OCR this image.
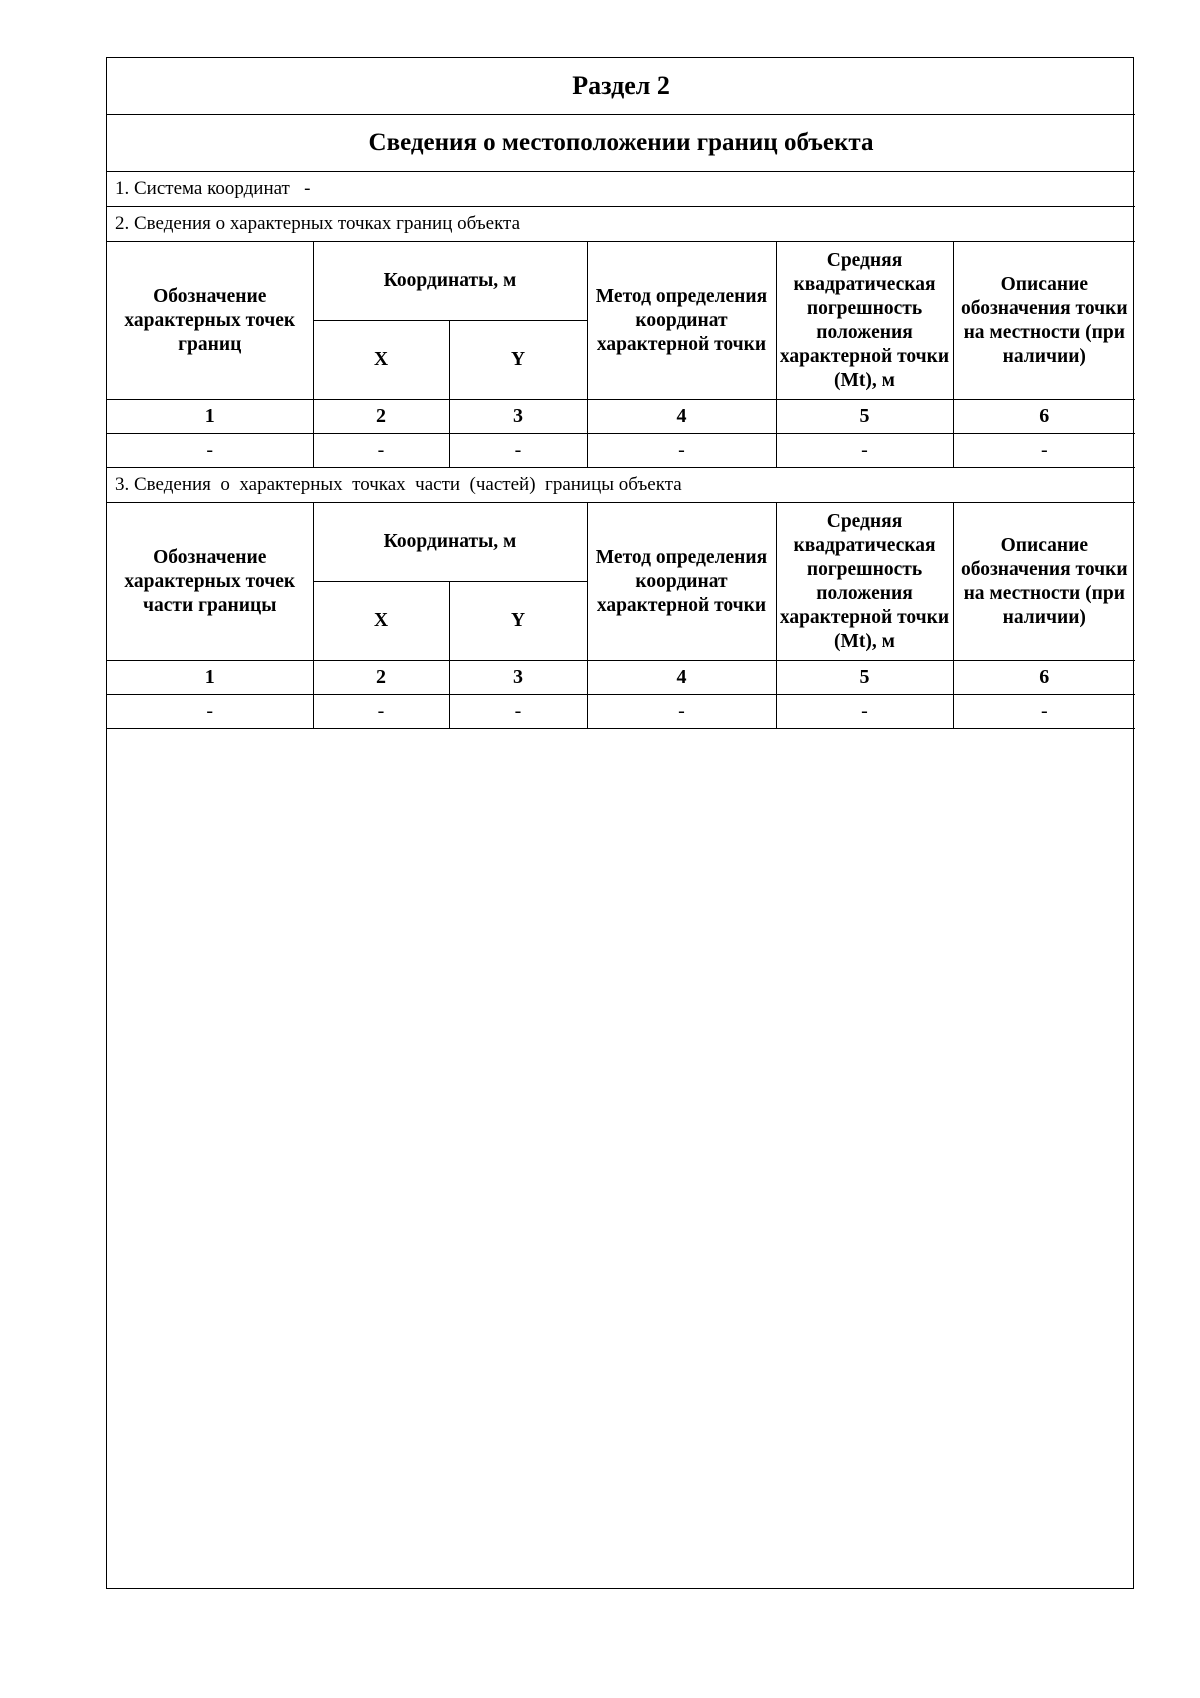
Раздел 2					
Сведения о местоположении границ объекта					
1. Система координат -					
2. Сведения о характерных точках границ объекта					
Обозначение характерных точек границ	Координаты, м		Метод определения координат характерной точки	Средняя квадратическая погрешность положения характерной точки (Mt), м	Описание обозначения точки на местности (при наличии)
	X	Y			
1	2	3	4	5	6
-	-	-	-	-	-
3. Сведения  о  характерных  точках  части  (частей)  границы объекта					
Обозначение характерных точек части границы	Координаты, м		Метод определения координат характерной точки	Средняя квадратическая погрешность положения характерной точки (Mt), м	Описание обозначения точки на местности (при наличии)
	X	Y			
1	2	3	4	5	6
-	-	-	-	-	-
